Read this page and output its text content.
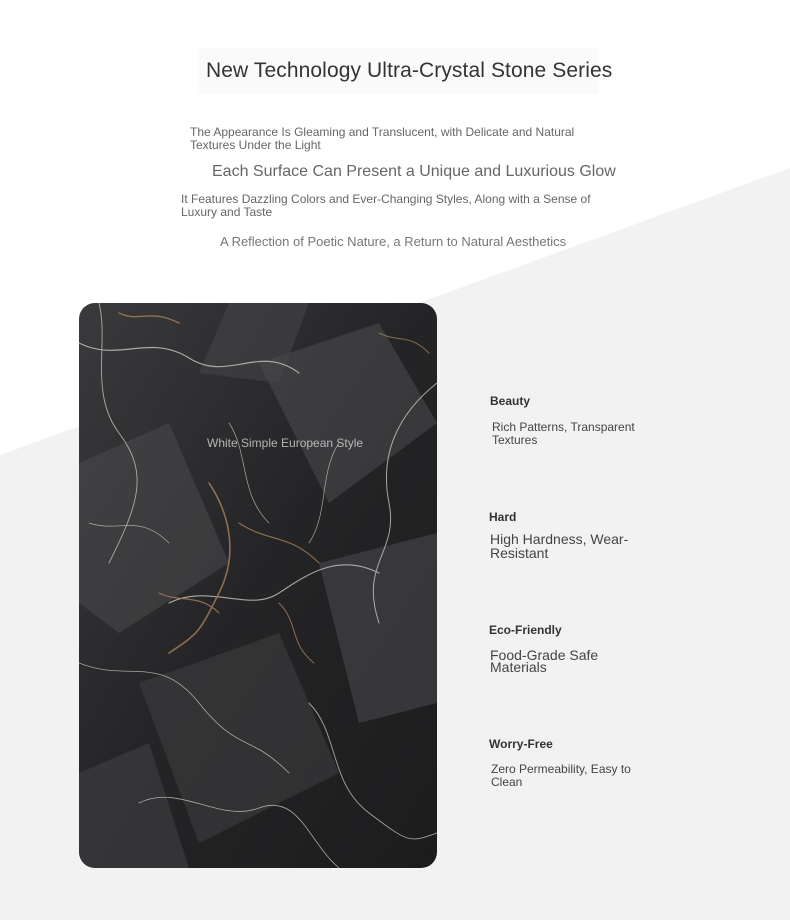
New Technology Ultra-Crystal Stone Series
The Appearance Is Gleaming and Translucent, with Delicate and Natural Textures Under the Light
Each Surface Can Present a Unique and Luxurious Glow
It Features Dazzling Colors and Ever-Changing Styles, Along with a Sense of Luxury and Taste
A Reflection of Poetic Nature, a Return to Natural Aesthetics
White Simple European Style
Beauty
Rich Patterns, Transparent Textures
Hard
High Hardness, Wear-Resistant
Eco-Friendly
Food-Grade Safe Materials
Worry-Free
Zero Permeability, Easy to Clean
